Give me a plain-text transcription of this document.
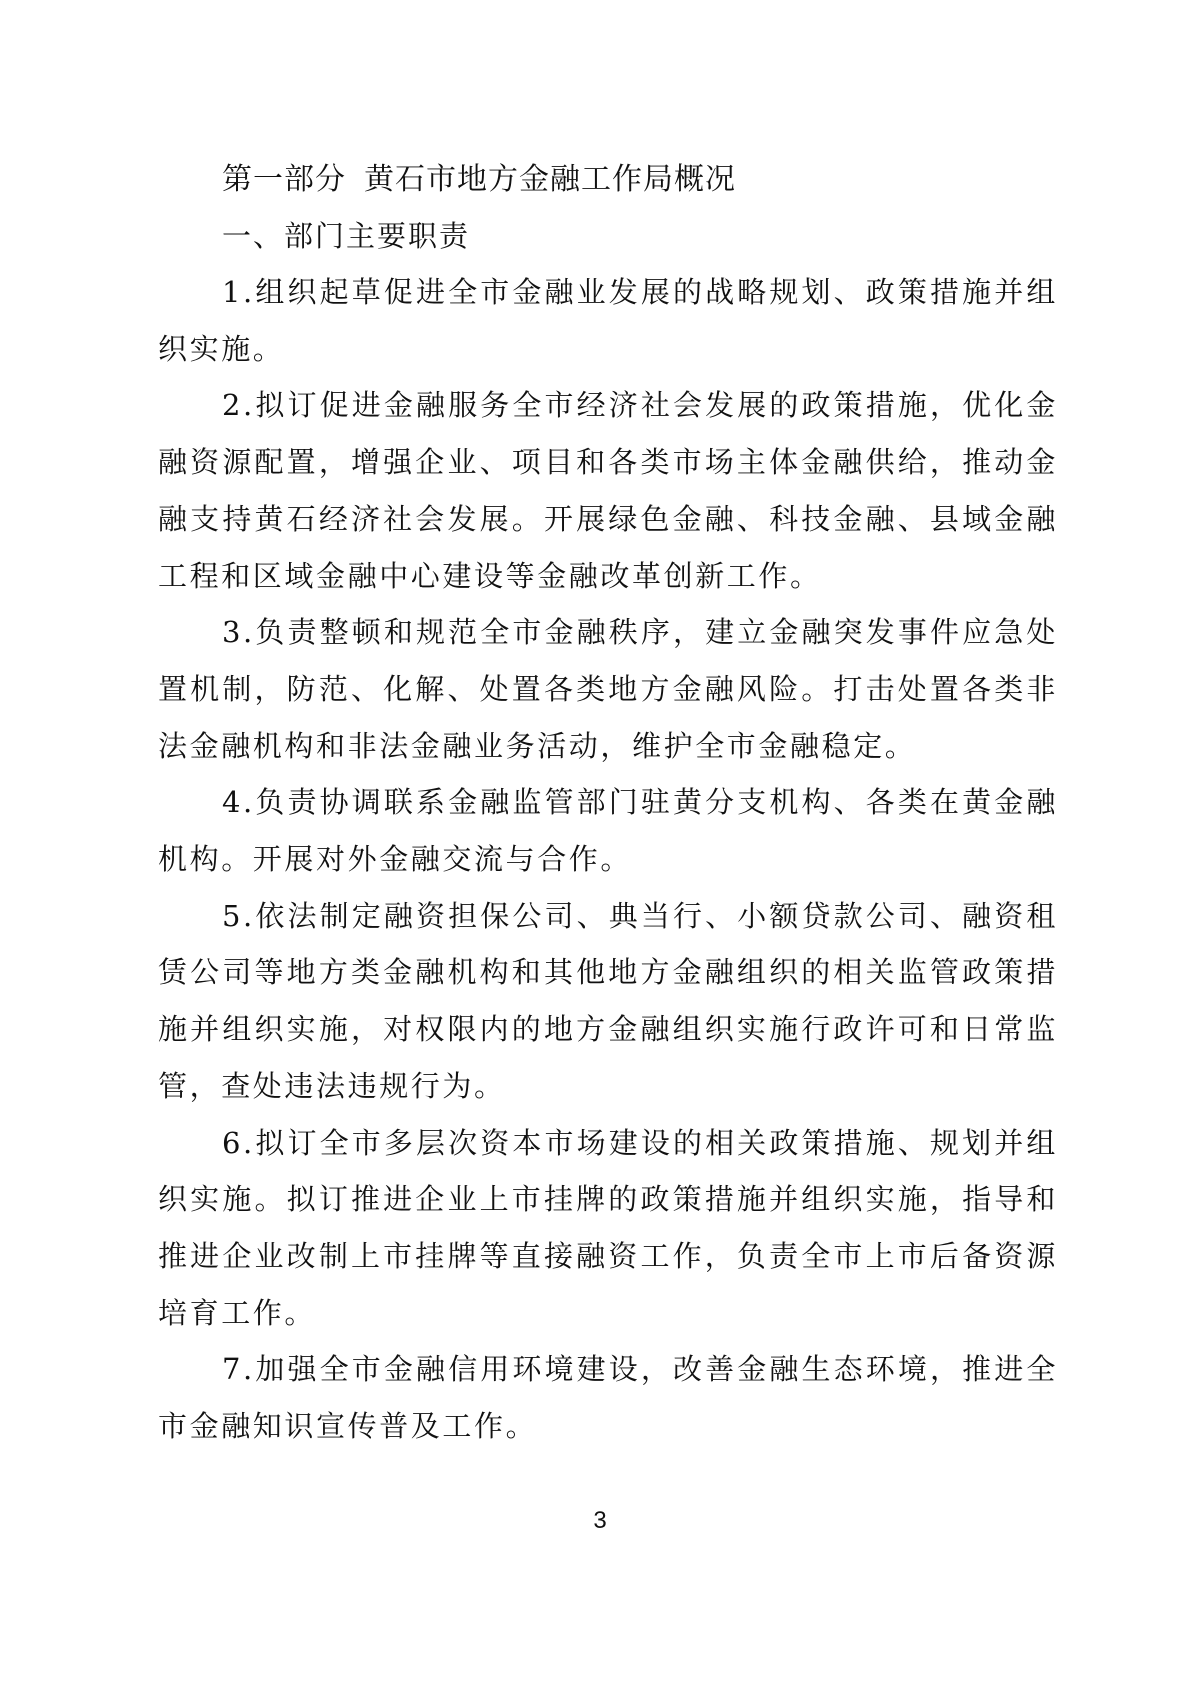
第一部分 黄石市地方金融工作局概况
一、部门主要职责

1.组织起草促进全市金融业发展的战略规划、政策措施并组织实施。

2.拟订促进金融服务全市经济社会发展的政策措施，优化金融资源配置，增强企业、项目和各类市场主体金融供给，推动金融支持黄石经济社会发展。开展绿色金融、科技金融、县域金融工程和区域金融中心建设等金融改革创新工作。

3.负责整顿和规范全市金融秩序，建立金融突发事件应急处置机制，防范、化解、处置各类地方金融风险。打击处置各类非法金融机构和非法金融业务活动，维护全市金融稳定。

4.负责协调联系金融监管部门驻黄分支机构、各类在黄金融机构。开展对外金融交流与合作。

5.依法制定融资担保公司、典当行、小额贷款公司、融资租赁公司等地方类金融机构和其他地方金融组织的相关监管政策措施并组织实施，对权限内的地方金融组织实施行政许可和日常监管，查处违法违规行为。

6.拟订全市多层次资本市场建设的相关政策措施、规划并组织实施。拟订推进企业上市挂牌的政策措施并组织实施，指导和推进企业改制上市挂牌等直接融资工作，负责全市上市后备资源培育工作。

7.加强全市金融信用环境建设，改善金融生态环境，推进全市金融知识宣传普及工作。

3
